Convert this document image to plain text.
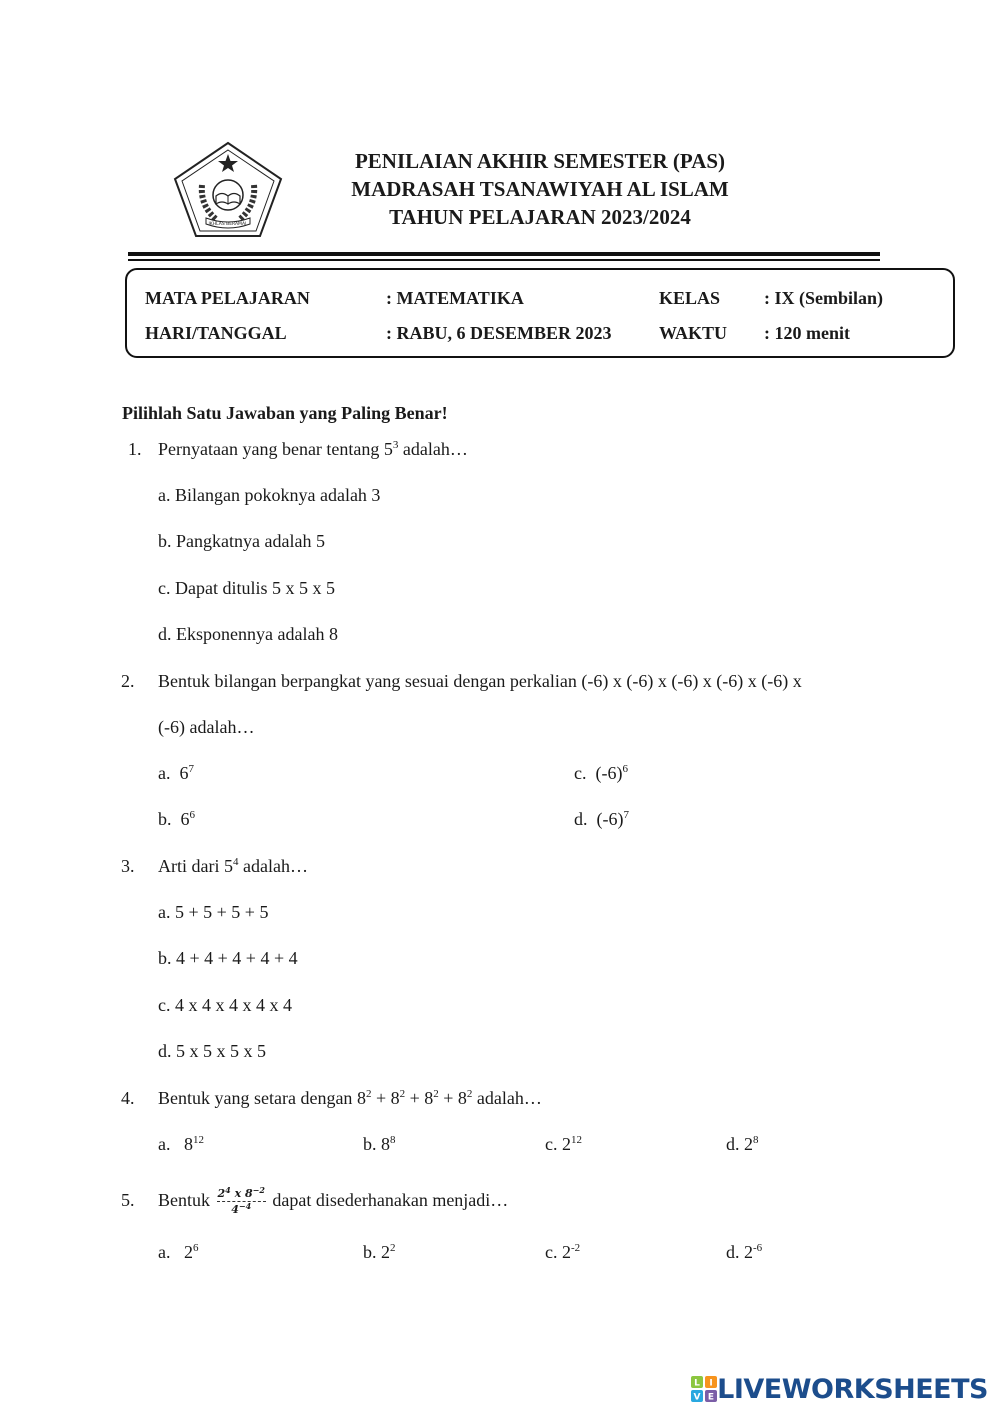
IKHLAS BERAMAL
PENILAIAN AKHIR SEMESTER (PAS)
MADRASAH TSANAWIYAH AL ISLAM
TAHUN PELAJARAN 2023/2024
MATA PELAJARAN	: MATEMATIKA	KELAS : IX (Sembilan)
HARI/TANGGAL	: RABU, 6 DESEMBER 2023	WAKTU : 120 menit
Pilihlah Satu Jawaban yang Paling Benar!
1. Pernyataan yang benar tentang $5^3$ adalah…
a. Bilangan pokoknya adalah 3
b. Pangkatnya adalah 5
c. Dapat ditulis 5 x 5 x 5
d. Eksponennya adalah 8
2. Bentuk bilangan berpangkat yang sesuai dengan perkalian (-6) x (-6) x (-6) x (-6) x (-6) x
(-6) adalah…
a. $6^7$	c. $(-6)^6$
b. $6^6$	d. $(-6)^7$
3. Arti dari $5^4$ adalah…
a. 5 + 5 + 5 + 5
b. 4 + 4 + 4 + 4 + 4
c. 4 x 4 x 4 x 4 x 4
d. 5 x 5 x 5 x 5
4. Bentuk yang setara dengan $8^2 + 8^2 + 8^2 + 8^2$ adalah…
a. $8^{12}$	b. $8^8$	c. $2^{12}$	d. $2^8$
5. Bentuk $\frac{2^4 x 8^{-2}}{4^{-4}}$ dapat disederhanakan menjadi…
a. $2^6$	b. $2^2$	c. $2^{-2}$	d. $2^{-6}$
L I
V E LIVEWORKSHEETS
